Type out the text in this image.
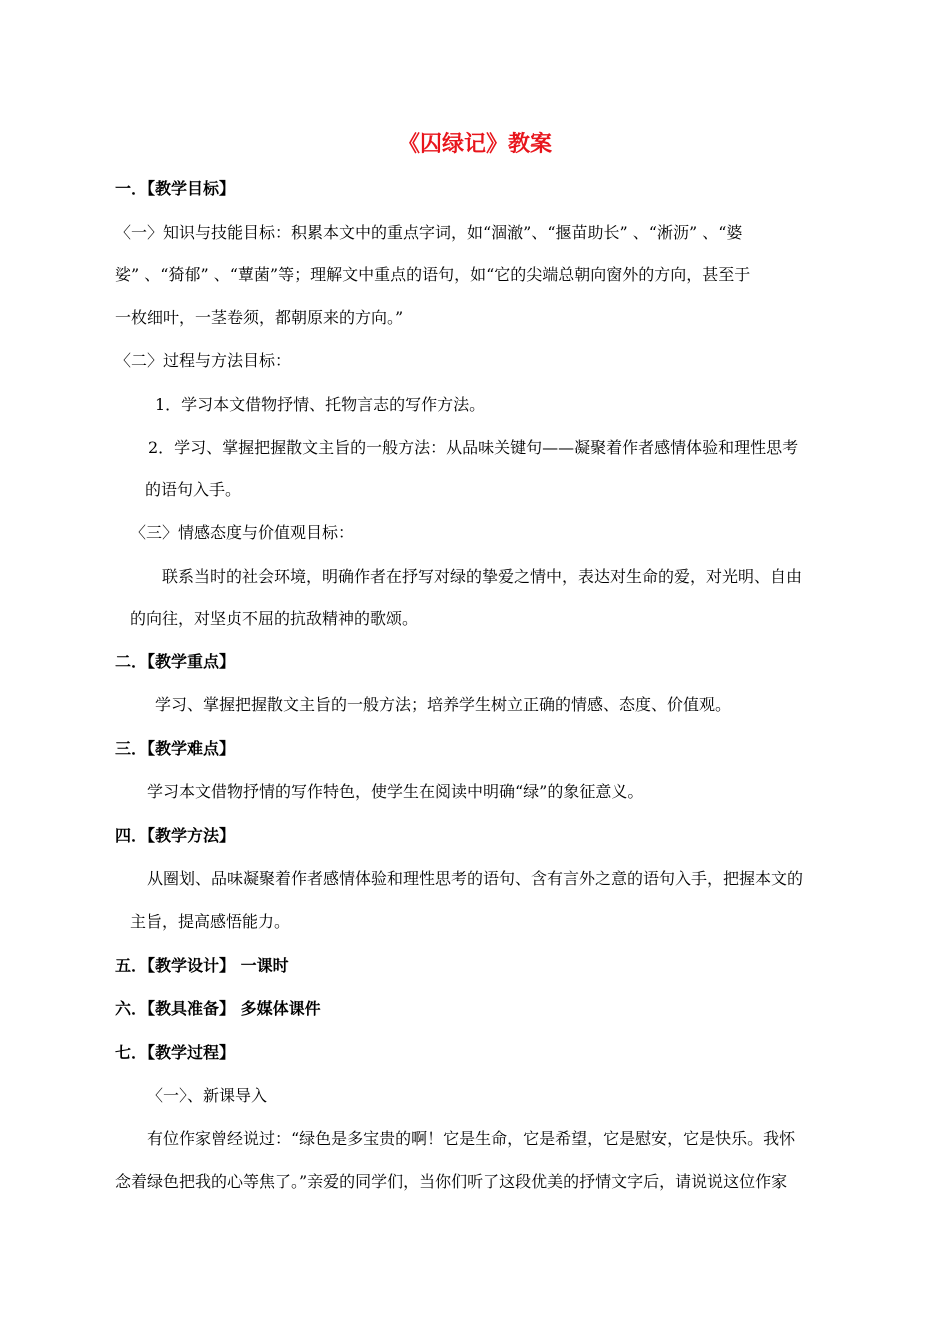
《囚绿记》教案
一．【教学目标】
〈一〉知识与技能目标：积累本文中的重点字词，如“涸澈”、“揠苗助长” 、“淅沥” 、“婆
娑” 、“猗郁” 、“蕈菌”等；理解文中重点的语句，如“它的尖端总朝向窗外的方向，甚至于
一枚细叶，一茎卷须，都朝原来的方向。”
〈二〉过程与方法目标：
1．学习本文借物抒情、托物言志的写作方法。
2．学习、掌握把握散文主旨的一般方法：从品味关键句——凝聚着作者感情体验和理性思考
的语句入手。
〈三〉情感态度与价值观目标：
联系当时的社会环境，明确作者在抒写对绿的挚爱之情中，表达对生命的爱，对光明、自由
的向往，对坚贞不屈的抗敌精神的歌颂。
二．【教学重点】
学习、掌握把握散文主旨的一般方法；培养学生树立正确的情感、态度、价值观。
三．【教学难点】
学习本文借物抒情的写作特色，使学生在阅读中明确“绿”的象征意义。
四．【教学方法】
从圈划、品味凝聚着作者感情体验和理性思考的语句、含有言外之意的语句入手，把握本文的
主旨，提高感悟能力。
五．【教学设计】 一课时
六．【教具准备】 多媒体课件
七．【教学过程】
〈一〉、新课导入
有位作家曾经说过：“绿色是多宝贵的啊！它是生命，它是希望，它是慰安，它是快乐。我怀
念着绿色把我的心等焦了。”亲爱的同学们，当你们听了这段优美的抒情文字后，请说说这位作家
